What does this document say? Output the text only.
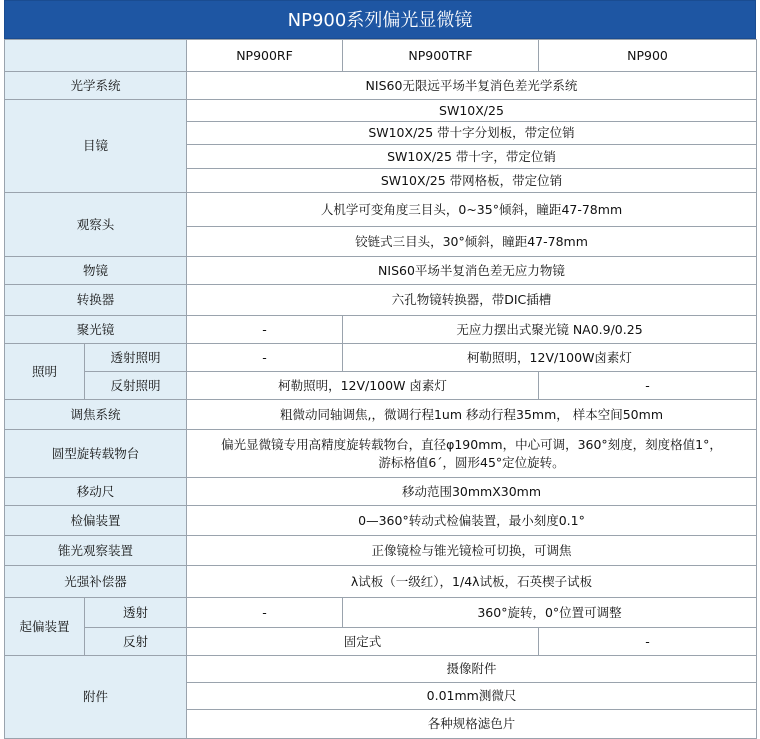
NP900系列偏光显微镜
		NP900RF	NP900TRF	NP900
光学系统		NIS60无限远平场半复消色差光学系统		
目镜		SW10X/25		
		SW10X/25 带十字分划板，带定位销		
		SW10X/25 带十字，带定位销		
		SW10X/25 带网格板，带定位销		
观察头		人机学可变角度三目头，0~35°倾斜，瞳距47-78mm		
		铰链式三目头，30°倾斜，瞳距47-78mm		
物镜		NIS60平场半复消色差无应力物镜		
转换器		六孔物镜转换器，带DIC插槽		
聚光镜		-	无应力摆出式聚光镜 NA0.9/0.25	
照明	透射照明	-	柯勒照明，12V/100W卤素灯	
	反射照明	柯勒照明，12V/100W 卤素灯		-
调焦系统		粗微动同轴调焦,，微调行程1um 移动行程35mm， 样本空间50mm		
圆型旋转载物台		偏光显微镜专用高精度旋转载物台，直径φ190mm，中心可调，360°刻度，刻度格值1°，
游标格值6´，圆形45°定位旋转。		

移动尺		移动范围30mmX30mm		
检偏装置		0—360°转动式检偏装置，最小刻度0.1°		
锥光观察装置		正像镜检与锥光镜检可切换，可调焦		
光强补偿器		λ试板（一级红），1/4λ试板，石英楔子试板		
起偏装置	透射	-	360°旋转，0°位置可调整	
	反射	固定式		-
附件		摄像附件		
		0.01mm测微尺		
		各种规格滤色片		
